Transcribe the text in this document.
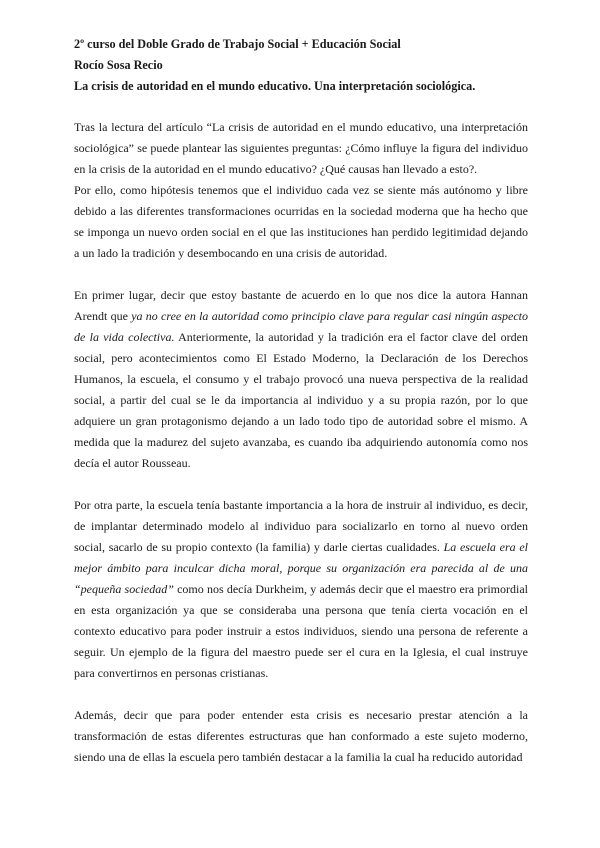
2º curso del Doble Grado de Trabajo Social + Educación Social
Rocío Sosa Recio
La crisis de autoridad en el mundo educativo. Una interpretación sociológica.

Tras la lectura del artículo “La crisis de autoridad en el mundo educativo, una interpretación sociológica” se puede plantear las siguientes preguntas: ¿Cómo influye la figura del individuo en la crisis de la autoridad en el mundo educativo? ¿Qué causas han llevado a esto?.

Por ello, como hipótesis tenemos que el individuo cada vez se siente más autónomo y libre debido a las diferentes transformaciones ocurridas en la sociedad moderna que ha hecho que se imponga un nuevo orden social en el que las instituciones han perdido legitimidad dejando a un lado la tradición y desembocando en una crisis de autoridad.

En primer lugar, decir que estoy bastante de acuerdo en lo que nos dice la autora Hannan Arendt que ya no cree en la autoridad como principio clave para regular casi ningún aspecto de la vida colectiva. Anteriormente, la autoridad y la tradición era el factor clave del orden social, pero acontecimientos como El Estado Moderno, la Declaración de los Derechos Humanos, la escuela, el consumo y el trabajo provocó una nueva perspectiva de la realidad social, a partir del cual se le da importancia al individuo y a su propia razón, por lo que adquiere un gran protagonismo dejando a un lado todo tipo de autoridad sobre el mismo. A medida que la madurez del sujeto avanzaba, es cuando iba adquiriendo autonomía como nos decía el autor Rousseau.

Por otra parte, la escuela tenía bastante importancia a la hora de instruir al individuo, es decir, de implantar determinado modelo al individuo para socializarlo en torno al nuevo orden social, sacarlo de su propio contexto (la familia) y darle ciertas cualidades. La escuela era el mejor ámbito para inculcar dicha moral, porque su organización era parecida al de una “pequeña sociedad” como nos decía Durkheim, y además decir que el maestro era primordial en esta organización ya que se consideraba una persona que tenía cierta vocación en el contexto educativo para poder instruir a estos individuos, siendo una persona de referente a seguir. Un ejemplo de la figura del maestro puede ser el cura en la Iglesia, el cual instruye para convertirnos en personas cristianas.

Además, decir que para poder entender esta crisis es necesario prestar atención a la transformación de estas diferentes estructuras que han conformado a este sujeto moderno, siendo una de ellas la escuela pero también destacar a la familia la cual ha reducido autoridad
